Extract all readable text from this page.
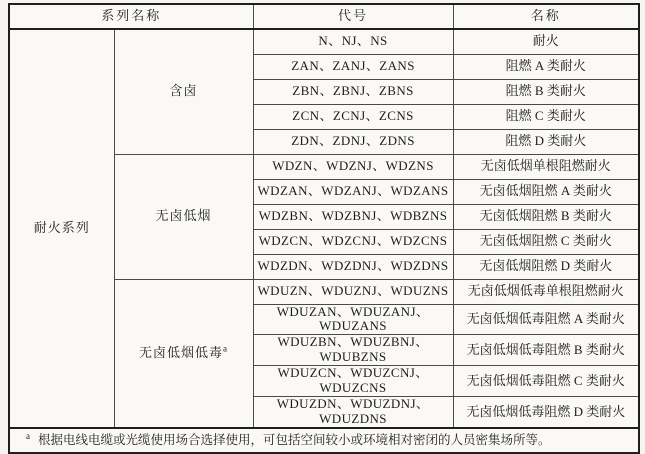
系列名称		代号	名称
耐火系列	含卤	N、NJ、NS	耐火
		ZAN、ZANJ、ZANS	阻燃 A 类耐火
		ZBN、ZBNJ、ZBNS	阻燃 B 类耐火
		ZCN、ZCNJ、ZCNS	阻燃 C 类耐火
		ZDN、ZDNJ、ZDNS	阻燃 D 类耐火
	无卤低烟	WDZN、WDZNJ、WDZNS	无卤低烟单根阻燃耐火
		WDZAN、WDZANJ、WDZANS	无卤低烟阻燃 A 类耐火
		WDZBN、WDZBNJ、WDBZNS	无卤低烟阻燃 B 类耐火
		WDZCN、WDZCNJ、WDZCNS	无卤低烟阻燃 C 类耐火
		WDZDN、WDZDNJ、WDZDNS	无卤低烟阻燃 D 类耐火
	无卤低烟低毒$^a$	WDUZN、WDUZNJ、WDUZNS	无卤低烟低毒单根阻燃耐火
		WDUZAN、WDUZANJ、WDUZANS	无卤低烟低毒阻燃 A 类耐火
		WDUZBN、WDUZBNJ、WDUBZNS	无卤低烟低毒阻燃 B 类耐火
		WDUZCN、WDUZCNJ、WDUZCNS	无卤低烟低毒阻燃 C 类耐火
		WDUZDN、WDUZDNJ、WDUZDNS	无卤低烟低毒阻燃 D 类耐火
$^a$ 根据电线电缆或光缆使用场合选择使用，可包括空间较小或环境相对密闭的人员密集场所等。			
